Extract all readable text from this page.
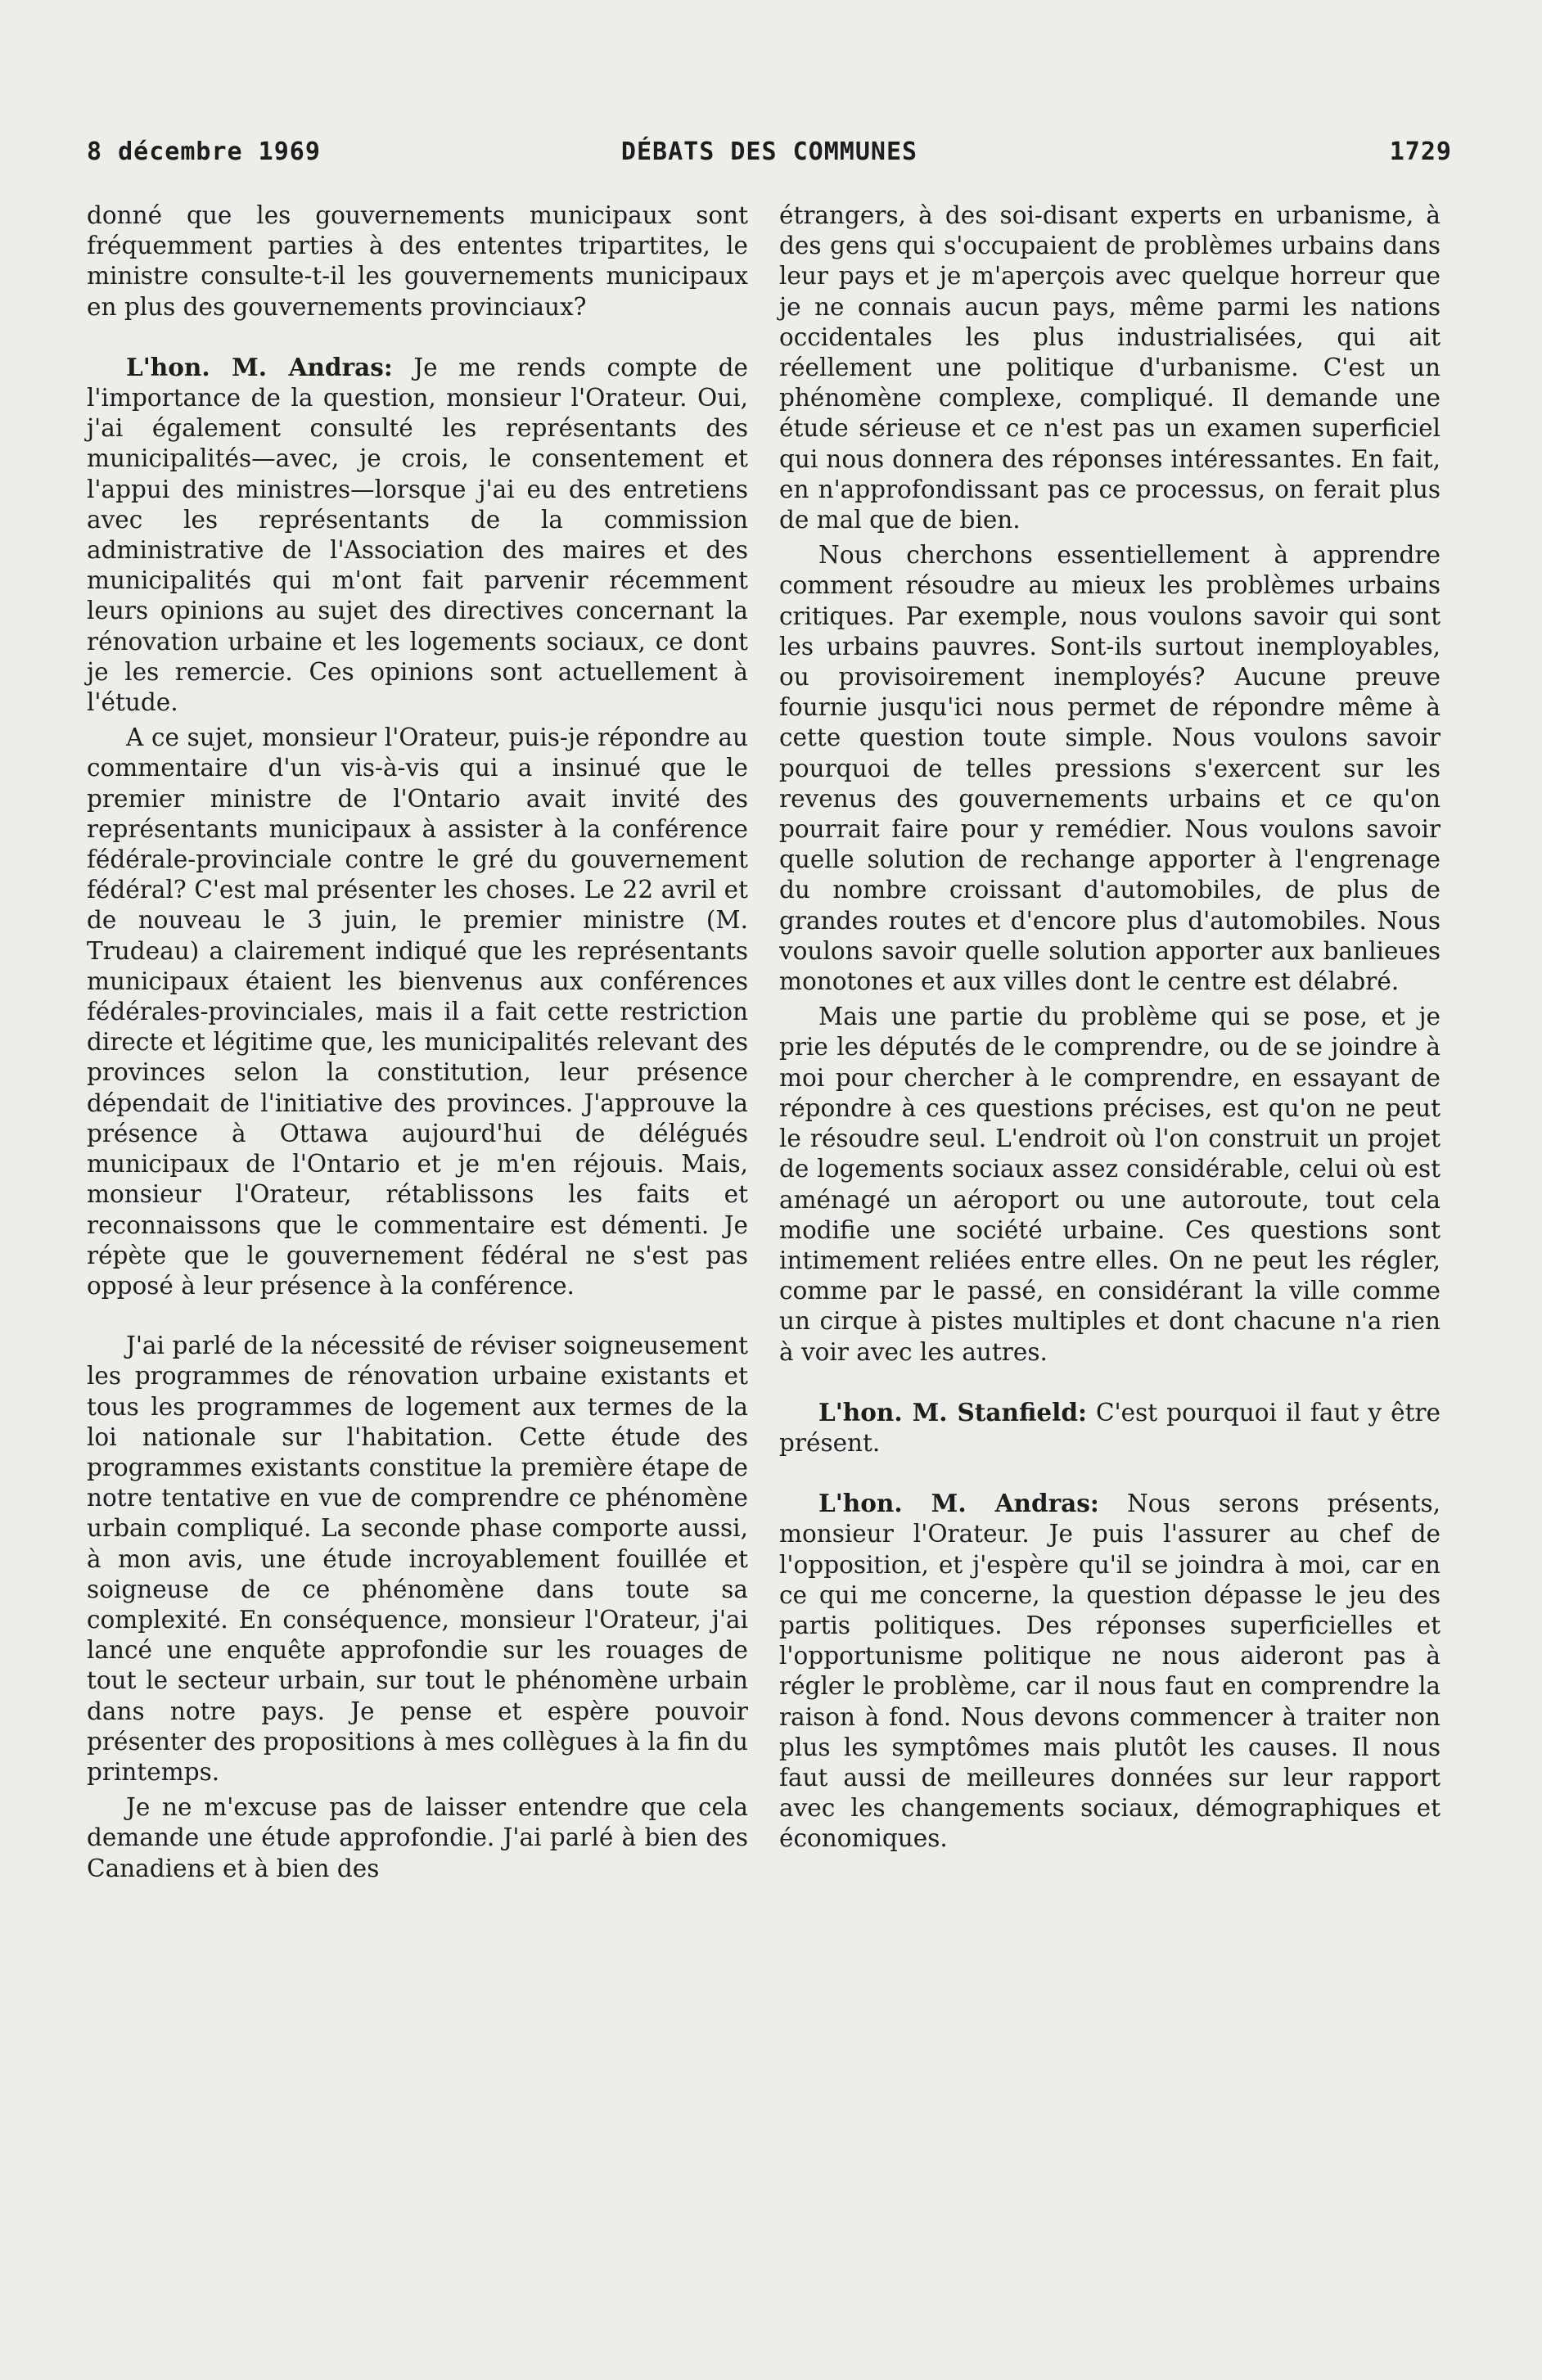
8 décembre 1969	DÉBATS DES COMMUNES	1729

donné que les gouvernements municipaux sont fréquemment parties à des ententes tripartites, le ministre consulte-t-il les gouvernements municipaux en plus des gouvernements provinciaux?

L'hon. M. Andras: Je me rends compte de l'importance de la question, monsieur l'Orateur. Oui, j'ai également consulté les représentants des municipalités—avec, je crois, le consentement et l'appui des ministres—lorsque j'ai eu des entretiens avec les représentants de la commission administrative de l'Association des maires et des municipalités qui m'ont fait parvenir récemment leurs opinions au sujet des directives concernant la rénovation urbaine et les logements sociaux, ce dont je les remercie. Ces opinions sont actuellement à l'étude.

A ce sujet, monsieur l'Orateur, puis-je répondre au commentaire d'un vis-à-vis qui a insinué que le premier ministre de l'Ontario avait invité des représentants municipaux à assister à la conférence fédérale-provinciale contre le gré du gouvernement fédéral? C'est mal présenter les choses. Le 22 avril et de nouveau le 3 juin, le premier ministre (M. Trudeau) a clairement indiqué que les représentants municipaux étaient les bienvenus aux conférences fédérales-provinciales, mais il a fait cette restriction directe et légitime que, les municipalités relevant des provinces selon la constitution, leur présence dépendait de l'initiative des provinces. J'approuve la présence à Ottawa aujourd'hui de délégués municipaux de l'Ontario et je m'en réjouis. Mais, monsieur l'Orateur, rétablissons les faits et reconnaissons que le commentaire est démenti. Je répète que le gouvernement fédéral ne s'est pas opposé à leur présence à la conférence.

J'ai parlé de la nécessité de réviser soigneusement les programmes de rénovation urbaine existants et tous les programmes de logement aux termes de la loi nationale sur l'habitation. Cette étude des programmes existants constitue la première étape de notre tentative en vue de comprendre ce phénomène urbain compliqué. La seconde phase comporte aussi, à mon avis, une étude incroyablement fouillée et soigneuse de ce phénomène dans toute sa complexité. En conséquence, monsieur l'Orateur, j'ai lancé une enquête approfondie sur les rouages de tout le secteur urbain, sur tout le phénomène urbain dans notre pays. Je pense et espère pouvoir présenter des propositions à mes collègues à la fin du printemps.

Je ne m'excuse pas de laisser entendre que cela demande une étude approfondie. J'ai parlé à bien des Canadiens et à bien des

étrangers, à des soi-disant experts en urbanisme, à des gens qui s'occupaient de problèmes urbains dans leur pays et je m'aperçois avec quelque horreur que je ne connais aucun pays, même parmi les nations occidentales les plus industrialisées, qui ait réellement une politique d'urbanisme. C'est un phénomène complexe, compliqué. Il demande une étude sérieuse et ce n'est pas un examen superficiel qui nous donnera des réponses intéressantes. En fait, en n'approfondissant pas ce processus, on ferait plus de mal que de bien.

Nous cherchons essentiellement à apprendre comment résoudre au mieux les problèmes urbains critiques. Par exemple, nous voulons savoir qui sont les urbains pauvres. Sont-ils surtout inemployables, ou provisoirement inemployés? Aucune preuve fournie jusqu'ici nous permet de répondre même à cette question toute simple. Nous voulons savoir pourquoi de telles pressions s'exercent sur les revenus des gouvernements urbains et ce qu'on pourrait faire pour y remédier. Nous voulons savoir quelle solution de rechange apporter à l'engrenage du nombre croissant d'automobiles, de plus de grandes routes et d'encore plus d'automobiles. Nous voulons savoir quelle solution apporter aux banlieues monotones et aux villes dont le centre est délabré.

Mais une partie du problème qui se pose, et je prie les députés de le comprendre, ou de se joindre à moi pour chercher à le comprendre, en essayant de répondre à ces questions précises, est qu'on ne peut le résoudre seul. L'endroit où l'on construit un projet de logements sociaux assez considérable, celui où est aménagé un aéroport ou une autoroute, tout cela modifie une société urbaine. Ces questions sont intimement reliées entre elles. On ne peut les régler, comme par le passé, en considérant la ville comme un cirque à pistes multiples et dont chacune n'a rien à voir avec les autres.

L'hon. M. Stanfield: C'est pourquoi il faut y être présent.

L'hon. M. Andras: Nous serons présents, monsieur l'Orateur. Je puis l'assurer au chef de l'opposition, et j'espère qu'il se joindra à moi, car en ce qui me concerne, la question dépasse le jeu des partis politiques. Des réponses superficielles et l'opportunisme politique ne nous aideront pas à régler le problème, car il nous faut en comprendre la raison à fond. Nous devons commencer à traiter non plus les symptômes mais plutôt les causes. Il nous faut aussi de meilleures données sur leur rapport avec les changements sociaux, démographiques et économiques.
